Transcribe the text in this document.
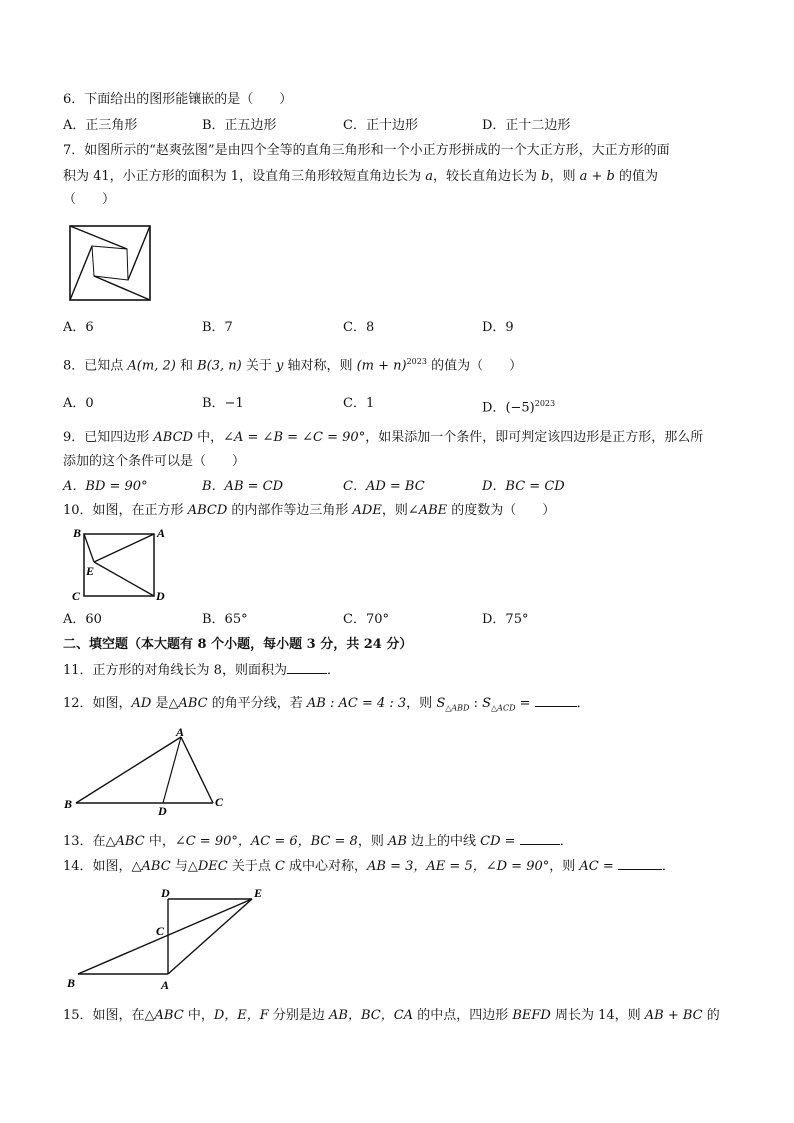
6．下面给出的图形能镶嵌的是（　　）
A．正三角形	B．正五边形	C．正十边形	D．正十二边形
7．如图所示的“赵爽弦图”是由四个全等的直角三角形和一个小正方形拼成的一个大正方形，大正方形的面
积为 41，小正方形的面积为 1，设直角三角形较短直角边长为 a，较长直角边长为 b，则 a + b 的值为
（　　）
A．6	B．7	C．8	D．9
8．已知点 A(m, 2) 和 B(3, n) 关于 y 轴对称，则 $(m + n)^{2023}$ 的值为（　　）
A．0	B．−1	C．1	D．$(-5)^{2023}$
9．已知四边形 ABCD 中，∠A = ∠B = ∠C = 90°，如果添加一个条件，即可判定该四边形是正方形，那么所
添加的这个条件可以是（　　）
A．BD = 90°	B．AB = CD	C．AD = BC	D．BC = CD
10．如图，在正方形 ABCD 的内部作等边三角形 ADE，则∠ABE 的度数为（　　）
B	A
E
C	D
A．60	B．65°	C．70°	D．75°
二、填空题（本大题有 8 个小题，每小题 3 分，共 24 分）
11．正方形的对角线长为 8，则面积为	．
12．如图，AD 是△ABC 的角平分线，若 AB : AC = 4 : 3，则 $S_{\triangle ABD}$ : $S_{\triangle ACD}$ =	．
A
B	D
C
13．在△ABC 中，∠C = 90°，AC = 6，BC = 8，则 AB 边上的中线 CD =	．
14．如图，△ABC 与△DEC 关于点 C 成中心对称，AB = 3，AE = 5，∠D = 90°，则 AC =	．
D	E
C
B	A
15．如图，在△ABC 中，D，E，F 分别是边 AB，BC，CA 的中点，四边形 BEFD 周长为 14，则 AB + BC 的
